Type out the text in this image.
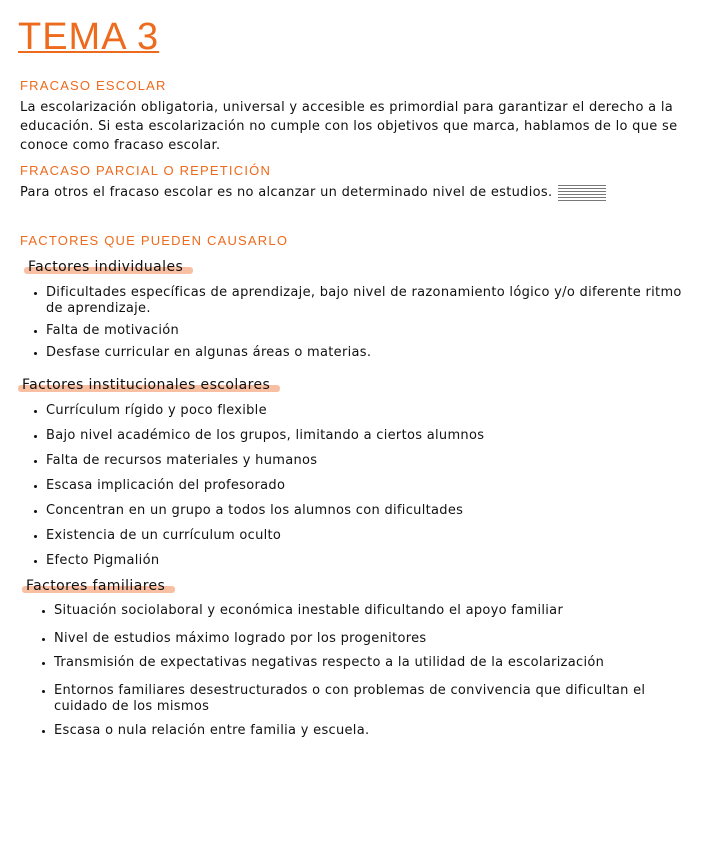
TEMA 3
FRACASO ESCOLAR
La escolarización obligatoria, universal y accesible es primordial para garantizar el derecho a la educación. Si esta escolarización no cumple con los objetivos que marca, hablamos de lo que se conoce como fracaso escolar.
FRACASO PARCIAL O REPETICIÓN
Para otros el fracaso escolar es no alcanzar un determinado nivel de estudios.
FACTORES QUE PUEDEN CAUSARLO
Factores individuales
Dificultades específicas de aprendizaje, bajo nivel de razonamiento lógico y/o diferente ritmo de aprendizaje.
Falta de motivación
Desfase curricular en algunas áreas o materias.
Factores institucionales escolares
Currículum rígido y poco flexible
Bajo nivel académico de los grupos, limitando a ciertos alumnos
Falta de recursos materiales y humanos
Escasa implicación del profesorado
Concentran en un grupo a todos los alumnos con dificultades
Existencia de un currículum oculto
Efecto Pigmalión
Factores familiares
Situación sociolaboral y económica inestable dificultando el apoyo familiar
Nivel de estudios máximo logrado por los progenitores
Transmisión de expectativas negativas respecto a la utilidad de la escolarización
Entornos familiares desestructurados o con problemas de convivencia que dificultan el cuidado de los mismos
Escasa o nula relación entre familia y escuela.
